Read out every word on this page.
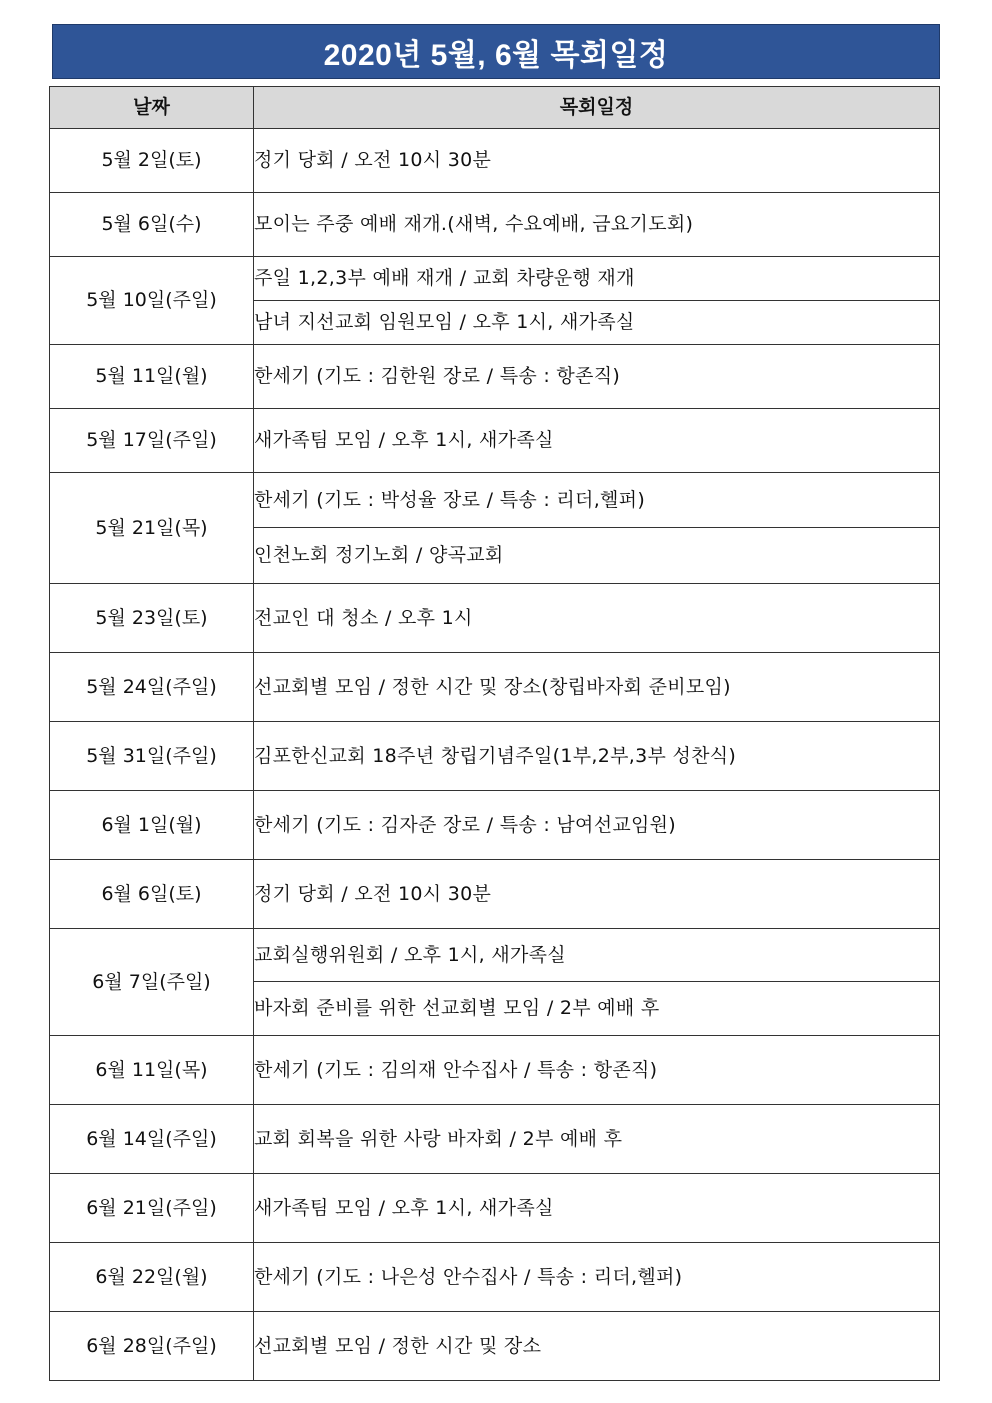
2020년 5월, 6월 목회일정
날짜	목회일정
5월 2일(토)	정기 당회 / 오전 10시 30분
5월 6일(수)	모이는 주중 예배 재개.(새벽, 수요예배, 금요기도회)
5월 10일(주일)	주일 1,2,3부 예배 재개 / 교회 차량운행 재개
	남녀 지선교회 임원모임 / 오후 1시, 새가족실
5월 11일(월)	한세기 (기도 : 김한원 장로 / 특송 : 항존직)
5월 17일(주일)	새가족팀 모임 / 오후 1시, 새가족실
5월 21일(목)	한세기 (기도 : 박성율 장로 / 특송 : 리더,헬퍼)
	인천노회 정기노회 / 양곡교회
5월 23일(토)	전교인 대 청소 / 오후 1시
5월 24일(주일)	선교회별 모임 / 정한 시간 및 장소(창립바자회 준비모임)
5월 31일(주일)	김포한신교회 18주년 창립기념주일(1부,2부,3부 성찬식)
6월 1일(월)	한세기 (기도 : 김자준 장로 / 특송 : 남여선교임원)
6월 6일(토)	정기 당회 / 오전 10시 30분
6월 7일(주일)	교회실행위원회 / 오후 1시, 새가족실
	바자회 준비를 위한 선교회별 모임 / 2부 예배 후
6월 11일(목)	한세기 (기도 : 김의재 안수집사 / 특송 : 항존직)
6월 14일(주일)	교회 회복을 위한 사랑 바자회 / 2부 예배 후
6월 21일(주일)	새가족팀 모임 / 오후 1시, 새가족실
6월 22일(월)	한세기 (기도 : 나은성 안수집사 / 특송 : 리더,헬퍼)
6월 28일(주일)	선교회별 모임 / 정한 시간 및 장소
